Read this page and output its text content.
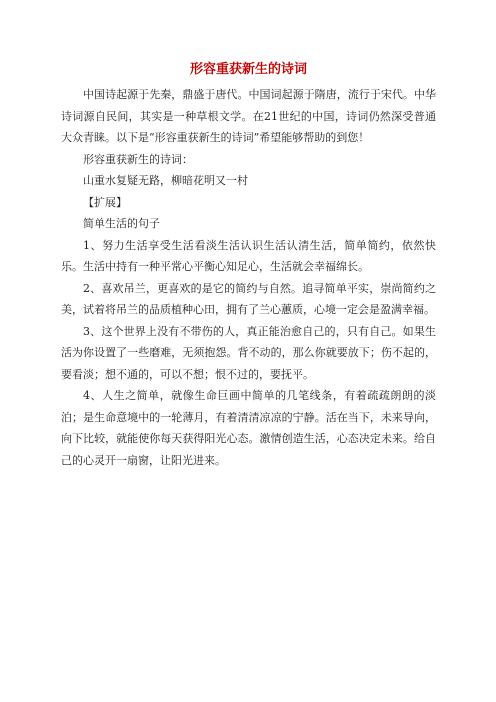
形容重获新生的诗词

中国诗起源于先秦，鼎盛于唐代。中国词起源于隋唐，流行于宋代。中华诗词源自民间，其实是一种草根文学。在21世纪的中国，诗词仍然深受普通大众青睐。以下是“形容重获新生的诗词”希望能够帮助的到您！

形容重获新生的诗词：

山重水复疑无路，柳暗花明又一村

【扩展】

简单生活的句子

1、努力生活享受生活看淡生活认识生活认清生活，简单简约，依然快乐。生活中持有一种平常心平衡心知足心，生活就会幸福绵长。

2、喜欢吊兰，更喜欢的是它的简约与自然。追寻简单平实，崇尚简约之美，试着将吊兰的品质植种心田，拥有了兰心蕙质，心境一定会是盈满幸福。

3、这个世界上没有不带伤的人，真正能治愈自己的，只有自己。如果生活为你设置了一些磨难，无须抱怨。背不动的，那么你就要放下；伤不起的，要看淡；想不通的，可以不想；恨不过的，要抚平。

4、人生之简单，就像生命巨画中简单的几笔线条，有着疏疏朗朗的淡泊；是生命意境中的一轮薄月，有着清清凉凉的宁静。活在当下，未来导向，向下比较，就能使你每天获得阳光心态。激情创造生活，心态决定未来。给自己的心灵开一扇窗，让阳光进来。
